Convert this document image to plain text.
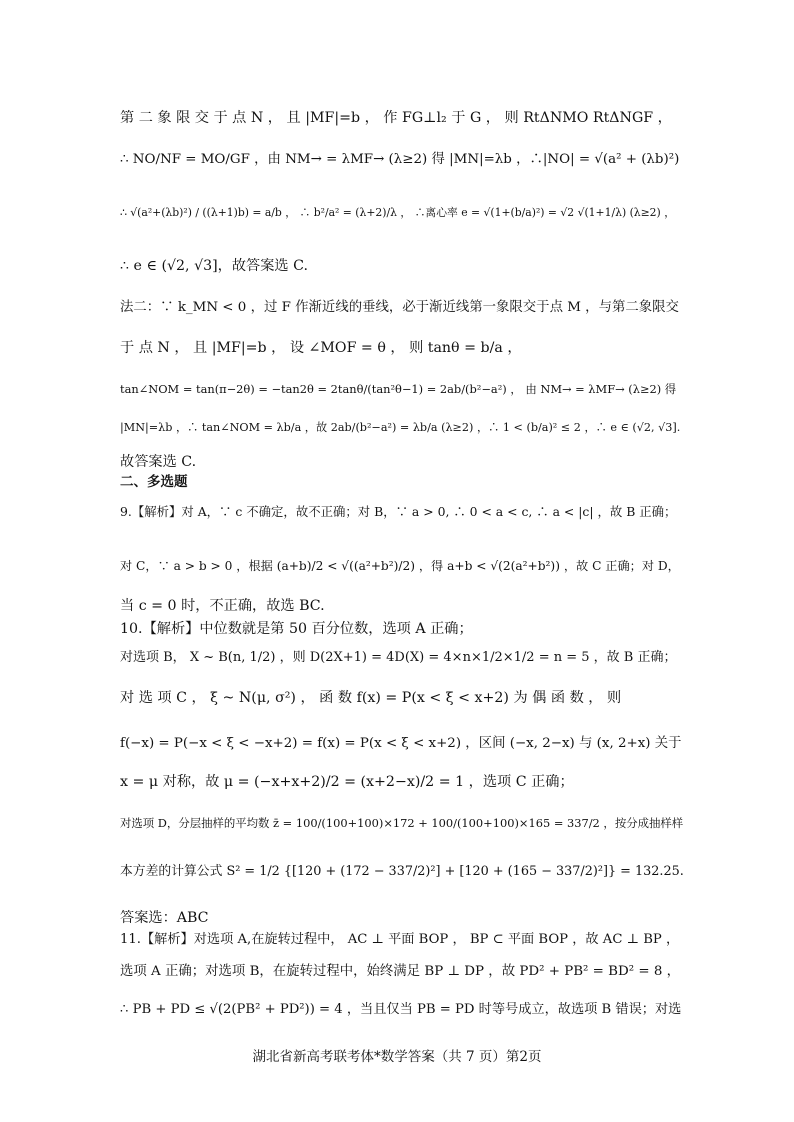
第 二 象 限 交 于 点 N ， 且 |MF|=b ， 作 FG⊥l₂ 于 G ， 则 RtΔNMO RtΔNGF ，
∴ NO/NF = MO/GF ，由 NM→ = λMF→ (λ≥2) 得 |MN|=λb ，∴|NO| = √(a² + (λb)²)
∴ √(a²+(λb)²) / ((λ+1)b) = a/b ， ∴ b²/a² = (λ+2)/λ ， ∴离心率 e = √(1+(b/a)²) = √2 √(1+1/λ) (λ≥2) ，
∴ e ∈ (√2, √3]，故答案选 C.
法二：∵ k_MN < 0 ，过 F 作渐近线的垂线，必于渐近线第一象限交于点 M ，与第二象限交
于 点 N ， 且 |MF|=b ， 设 ∠MOF = θ ， 则 tanθ = b/a ，
tan∠NOM = tan(π−2θ) = −tan2θ = 2tanθ/(tan²θ−1) = 2ab/(b²−a²) ， 由 NM→ = λMF→ (λ≥2) 得
|MN|=λb ，∴ tan∠NOM = λb/a ，故 2ab/(b²−a²) = λb/a (λ≥2) ，∴ 1 < (b/a)² ≤ 2 ，∴ e ∈ (√2, √3].
故答案选 C.
二、多选题
9.【解析】对 A，∵ c 不确定，故不正确；对 B，∵ a > 0, ∴ 0 < a < c, ∴ a < |c| ，故 B 正确；
对 C，∵ a > b > 0 ，根据 (a+b)/2 < √((a²+b²)/2) ，得 a+b < √(2(a²+b²)) ，故 C 正确；对 D，
当 c = 0 时，不正确，故选 BC.
10.【解析】中位数就是第 50 百分位数，选项 A 正确；
对选项 B， X ~ B(n, 1/2) ，则 D(2X+1) = 4D(X) = 4×n×1/2×1/2 = n = 5 ，故 B 正确；
对 选 项 C ， ξ ~ N(μ, σ²) ， 函 数 f(x) = P(x < ξ < x+2) 为 偶 函 数 ， 则
f(−x) = P(−x < ξ < −x+2) = f(x) = P(x < ξ < x+2) ，区间 (−x, 2−x) 与 (x, 2+x) 关于
x = μ 对称，故 μ = (−x+x+2)/2 = (x+2−x)/2 = 1 ，选项 C 正确；
对选项 D，分层抽样的平均数 z̄ = 100/(100+100)×172 + 100/(100+100)×165 = 337/2 ，按分成抽样样
本方差的计算公式 S² = 1/2 {[120 + (172 − 337/2)²] + [120 + (165 − 337/2)²]} = 132.25.
答案选：ABC
11.【解析】对选项 A,在旋转过程中， AC ⊥ 平面 BOP ， BP ⊂ 平面 BOP ，故 AC ⊥ BP ，
选项 A 正确；对选项 B，在旋转过程中，始终满足 BP ⊥ DP ，故 PD² + PB² = BD² = 8 ，
∴ PB + PD ≤ √(2(PB² + PD²)) = 4 ，当且仅当 PB = PD 时等号成立，故选项 B 错误；对选
湖北省新高考联考体*数学答案（共 7 页）第2页
